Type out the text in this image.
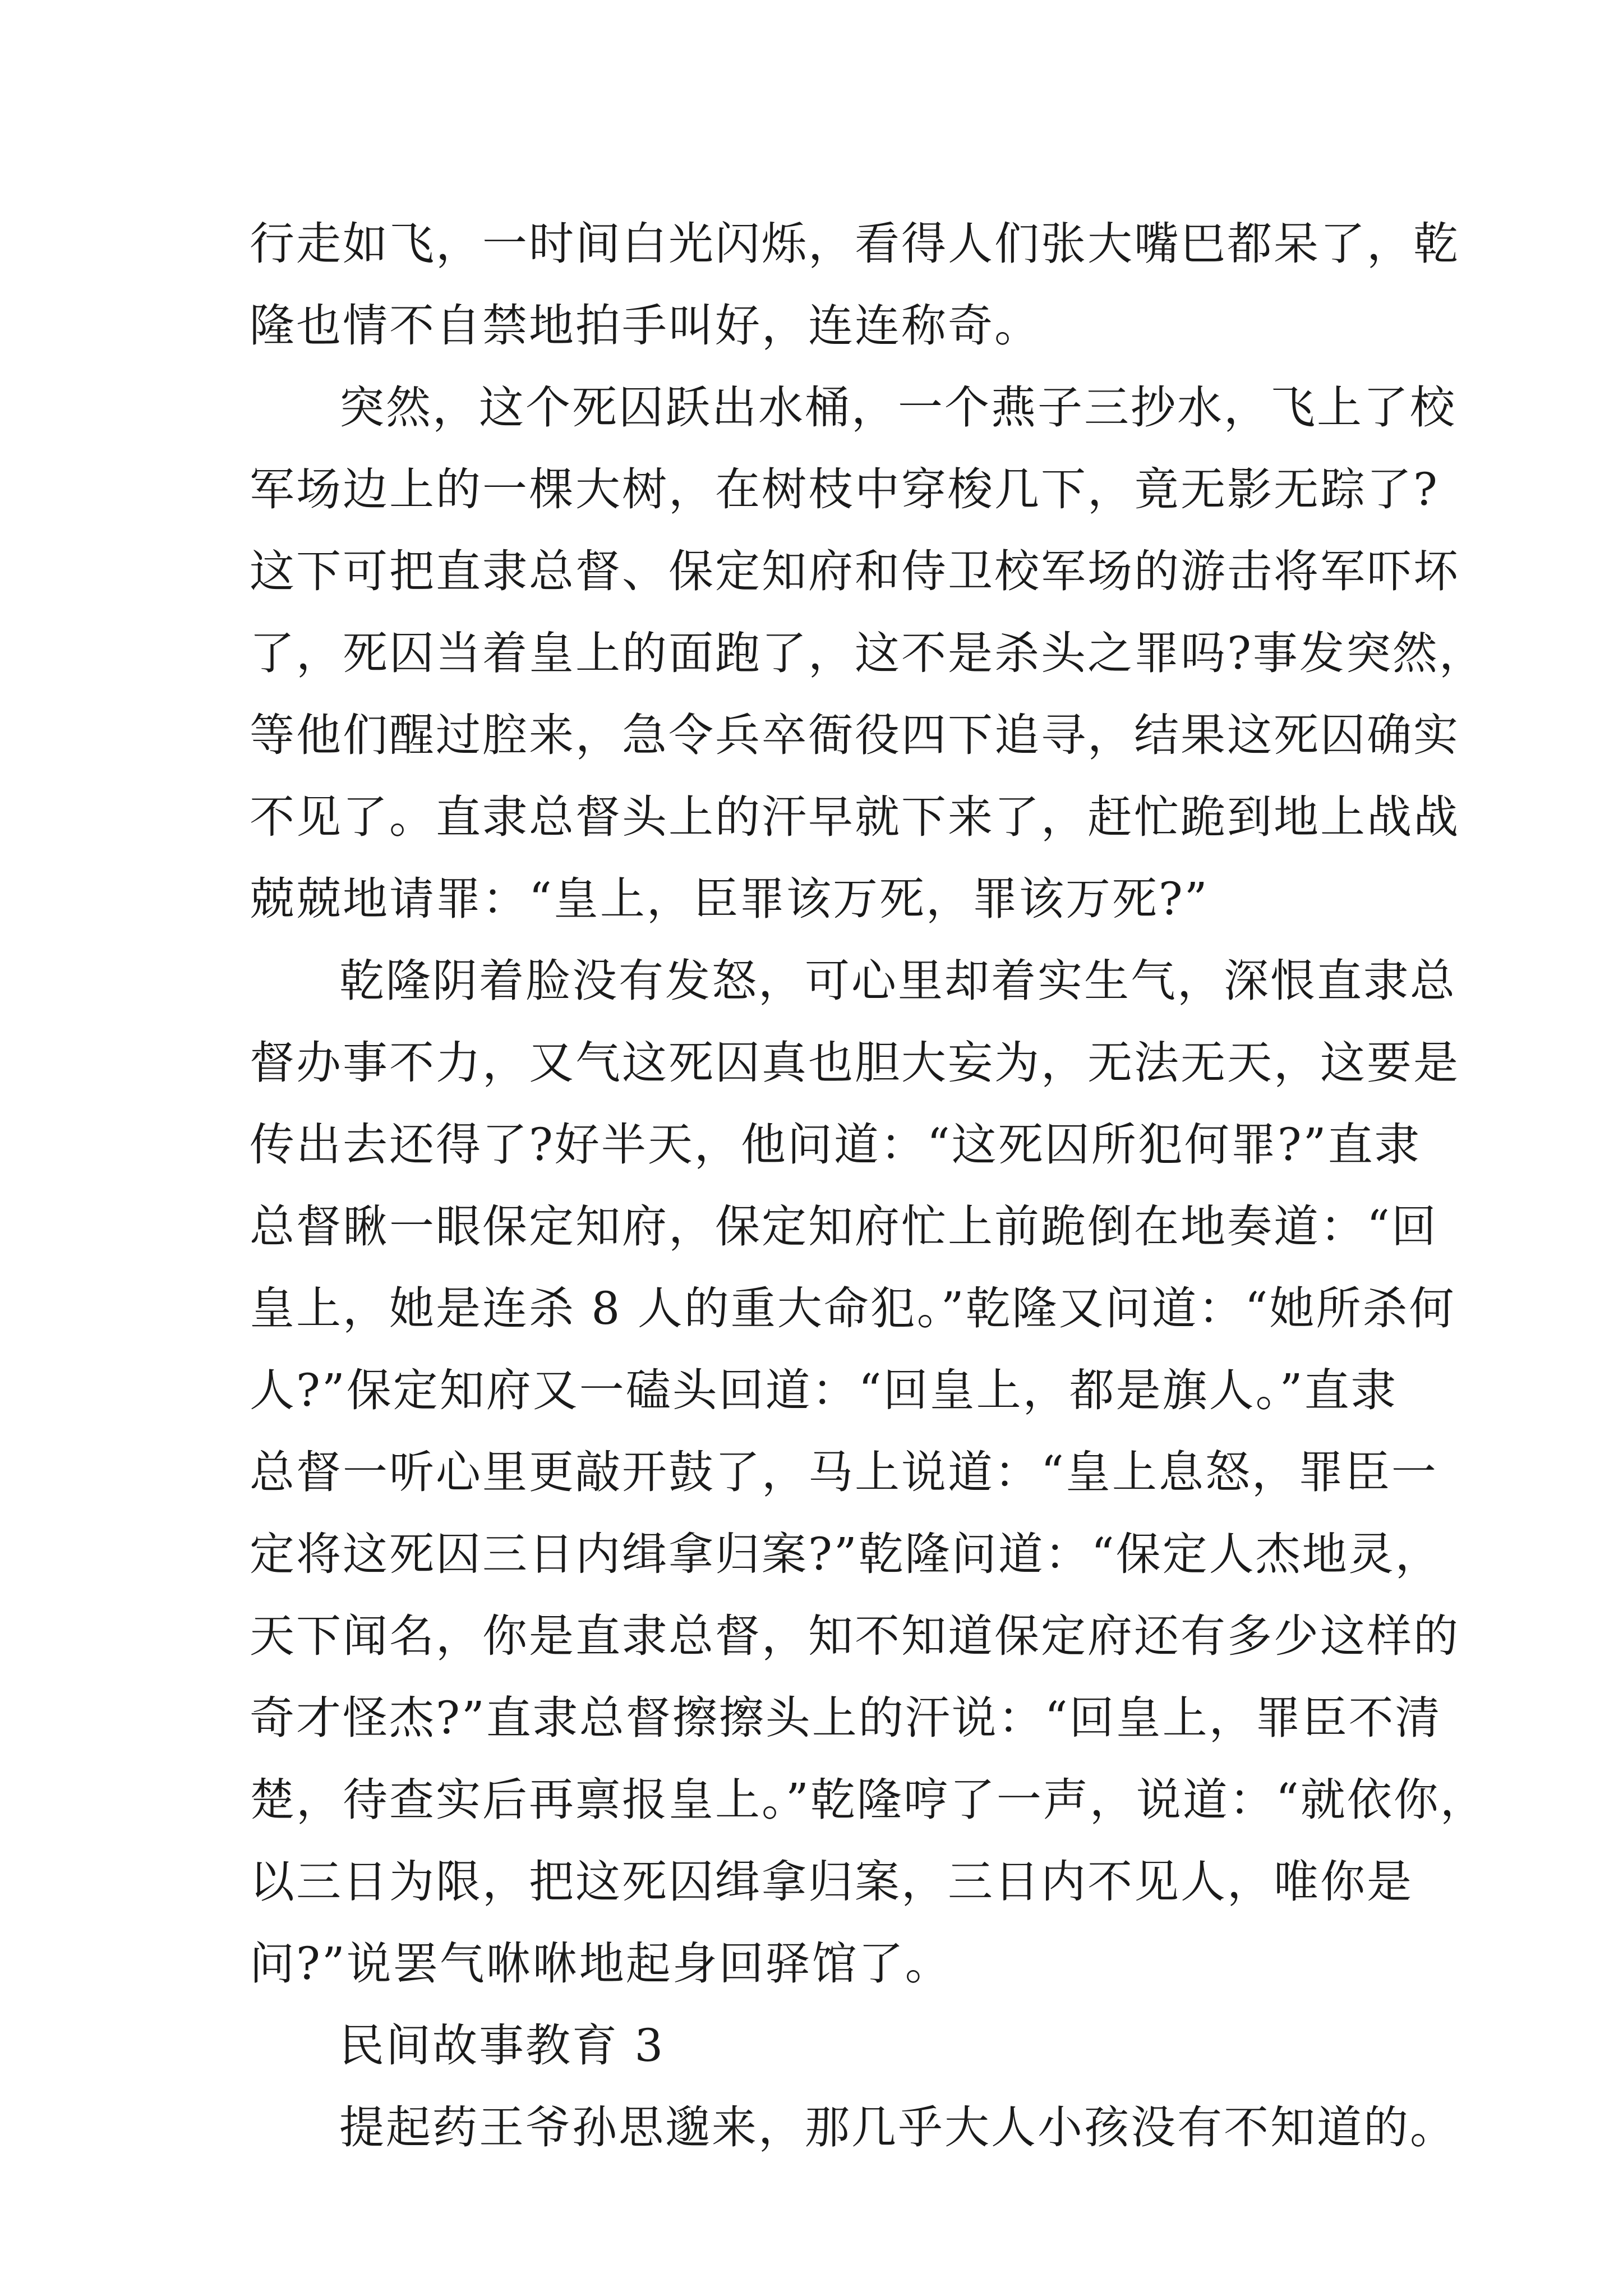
行走如飞，一时间白光闪烁，看得人们张大嘴巴都呆了，乾
隆也情不自禁地拍手叫好，连连称奇。
突然，这个死囚跃出水桶，一个燕子三抄水，飞上了校
军场边上的一棵大树，在树枝中穿梭几下，竟无影无踪了?
这下可把直隶总督、保定知府和侍卫校军场的游击将军吓坏
了，死囚当着皇上的面跑了，这不是杀头之罪吗?事发突然，
等他们醒过腔来，急令兵卒衙役四下追寻，结果这死囚确实
不见了。直隶总督头上的汗早就下来了，赶忙跪到地上战战
兢兢地请罪：“皇上，臣罪该万死，罪该万死?”
乾隆阴着脸没有发怒，可心里却着实生气，深恨直隶总
督办事不力，又气这死囚真也胆大妄为，无法无天，这要是
传出去还得了?好半天，他问道：“这死囚所犯何罪?”直隶
总督瞅一眼保定知府，保定知府忙上前跪倒在地奏道：“回
皇上，她是连杀 8 人的重大命犯。”乾隆又问道：“她所杀何
人?”保定知府又一磕头回道：“回皇上，都是旗人。”直隶
总督一听心里更敲开鼓了，马上说道：“皇上息怒，罪臣一
定将这死囚三日内缉拿归案?”乾隆问道：“保定人杰地灵，
天下闻名，你是直隶总督，知不知道保定府还有多少这样的
奇才怪杰?”直隶总督擦擦头上的汗说：“回皇上，罪臣不清
楚，待查实后再禀报皇上。”乾隆哼了一声，说道：“就依你，
以三日为限，把这死囚缉拿归案，三日内不见人，唯你是
问?”说罢气咻咻地起身回驿馆了。
民间故事教育 3
提起药王爷孙思邈来，那几乎大人小孩没有不知道的。
